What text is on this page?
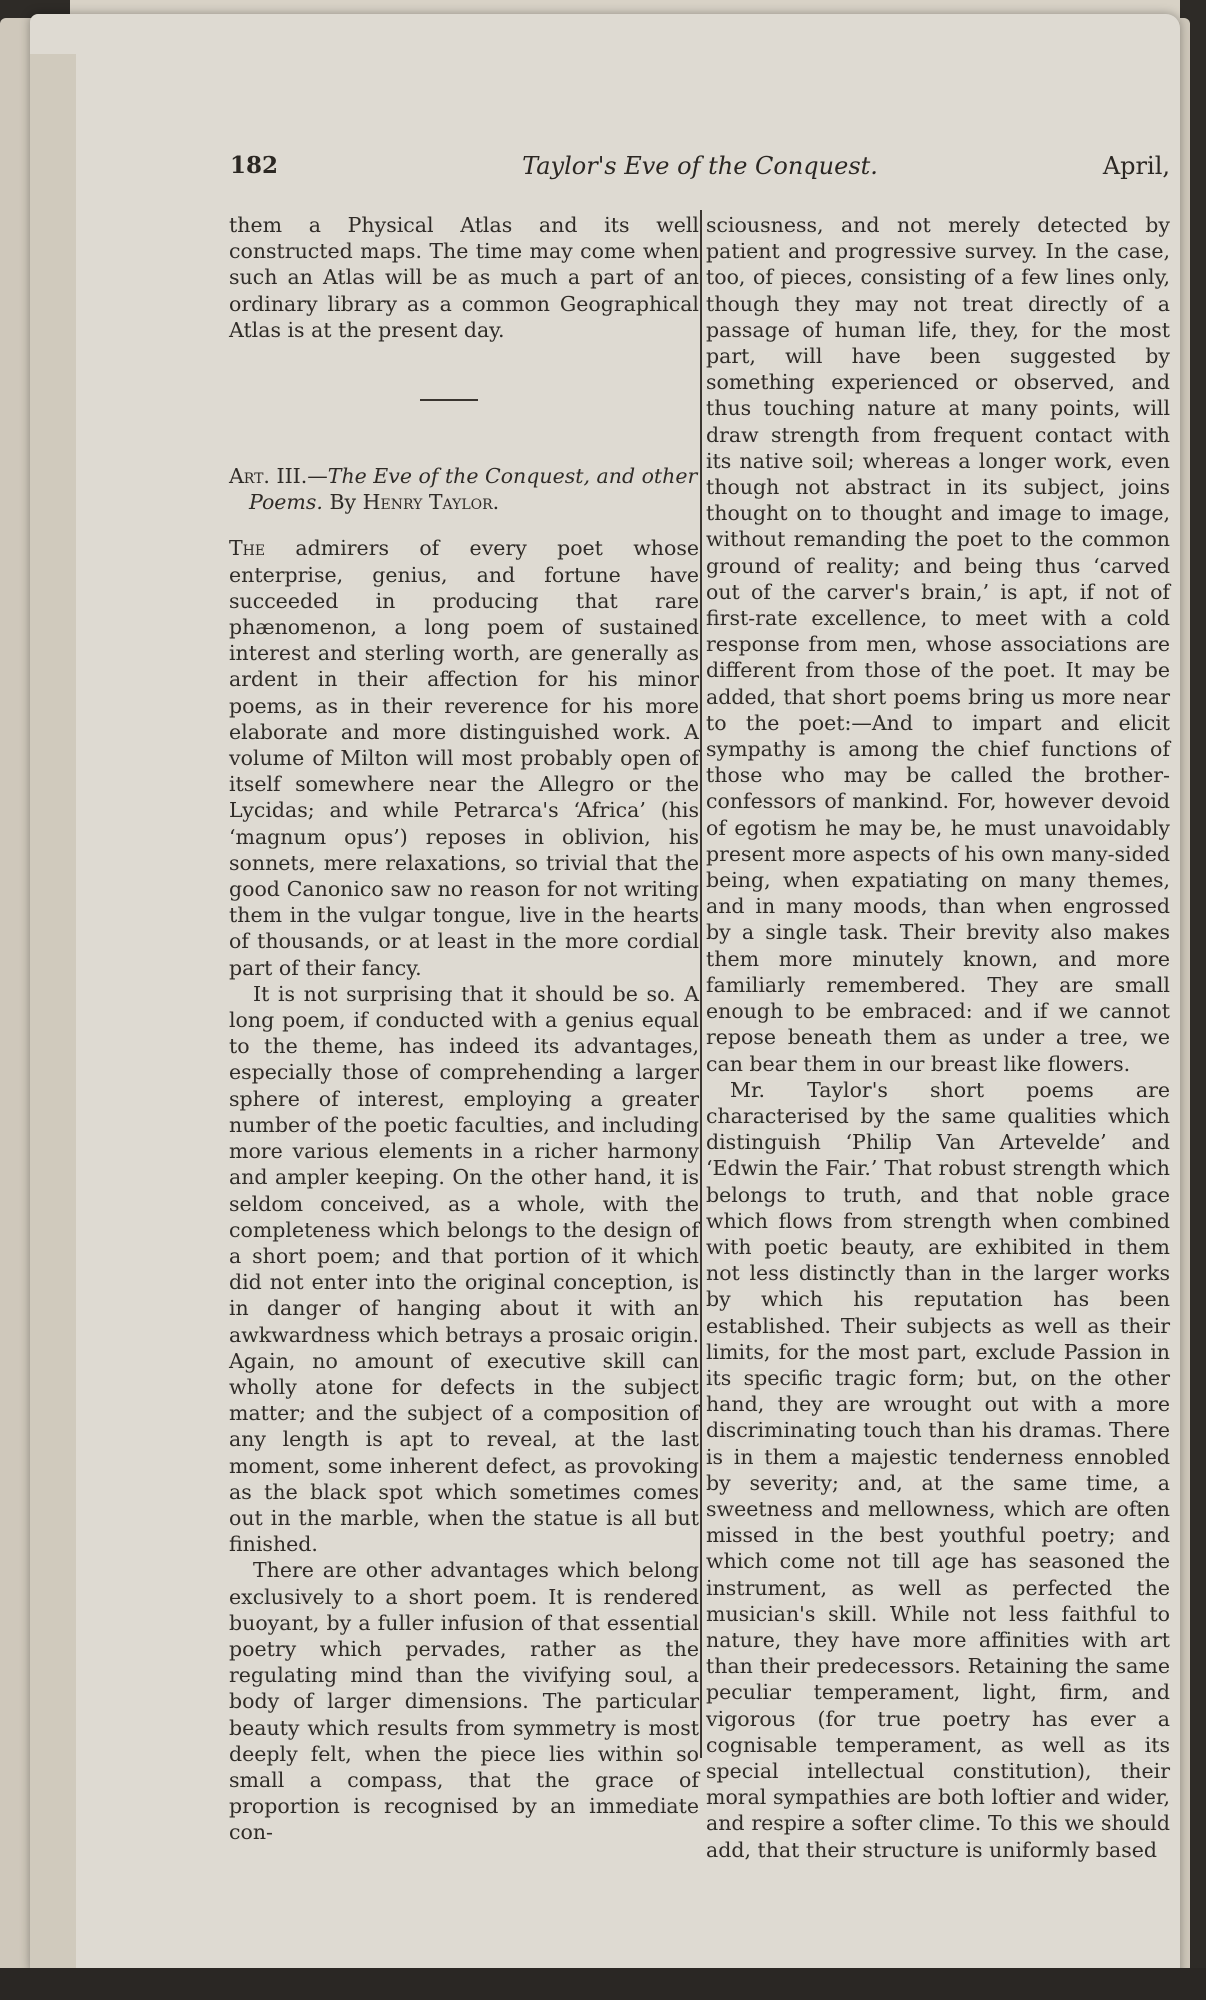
182	Taylor's Eve of the Conquest.	April,

them a Physical Atlas and its well constructed maps. The time may come when such an Atlas will be as much a part of an ordinary library as a common Geographical Atlas is at the present day.

Art. III.—The Eve of the Conquest, and other Poems. By Henry Taylor.

The admirers of every poet whose enterprise, genius, and fortune have succeeded in producing that rare phænomenon, a long poem of sustained interest and sterling worth, are generally as ardent in their affection for his minor poems, as in their reverence for his more elaborate and more distinguished work. A volume of Milton will most probably open of itself somewhere near the Allegro or the Lycidas; and while Petrarca's ‘Africa’ (his ‘magnum opus’) reposes in oblivion, his sonnets, mere relaxations, so trivial that the good Canonico saw no reason for not writing them in the vulgar tongue, live in the hearts of thousands, or at least in the more cordial part of their fancy.

It is not surprising that it should be so. A long poem, if conducted with a genius equal to the theme, has indeed its advantages, especially those of comprehending a larger sphere of interest, employing a greater number of the poetic faculties, and including more various elements in a richer harmony and ampler keeping. On the other hand, it is seldom conceived, as a whole, with the completeness which belongs to the design of a short poem; and that portion of it which did not enter into the original conception, is in danger of hanging about it with an awkwardness which betrays a prosaic origin. Again, no amount of executive skill can wholly atone for defects in the subject matter; and the subject of a composition of any length is apt to reveal, at the last moment, some inherent defect, as provoking as the black spot which sometimes comes out in the marble, when the statue is all but finished.

There are other advantages which belong exclusively to a short poem. It is rendered buoyant, by a fuller infusion of that essential poetry which pervades, rather as the regulating mind than the vivifying soul, a body of larger dimensions. The particular beauty which results from symmetry is most deeply felt, when the piece lies within so small a compass, that the grace of proportion is recognised by an immediate con-

sciousness, and not merely detected by patient and progressive survey. In the case, too, of pieces, consisting of a few lines only, though they may not treat directly of a passage of human life, they, for the most part, will have been suggested by something experienced or observed, and thus touching nature at many points, will draw strength from frequent contact with its native soil; whereas a longer work, even though not abstract in its subject, joins thought on to thought and image to image, without remanding the poet to the common ground of reality; and being thus ‘carved out of the carver's brain,’ is apt, if not of first-rate excellence, to meet with a cold response from men, whose associations are different from those of the poet. It may be added, that short poems bring us more near to the poet:—And to impart and elicit sympathy is among the chief functions of those who may be called the brother-confessors of mankind. For, however devoid of egotism he may be, he must unavoidably present more aspects of his own many-sided being, when expatiating on many themes, and in many moods, than when engrossed by a single task. Their brevity also makes them more minutely known, and more familiarly remembered. They are small enough to be embraced: and if we cannot repose beneath them as under a tree, we can bear them in our breast like flowers.

Mr. Taylor's short poems are characterised by the same qualities which distinguish ‘Philip Van Artevelde’ and ‘Edwin the Fair.’ That robust strength which belongs to truth, and that noble grace which flows from strength when combined with poetic beauty, are exhibited in them not less distinctly than in the larger works by which his reputation has been established. Their subjects as well as their limits, for the most part, exclude Passion in its specific tragic form; but, on the other hand, they are wrought out with a more discriminating touch than his dramas. There is in them a majestic tenderness ennobled by severity; and, at the same time, a sweetness and mellowness, which are often missed in the best youthful poetry; and which come not till age has seasoned the instrument, as well as perfected the musician's skill. While not less faithful to nature, they have more affinities with art than their predecessors. Retaining the same peculiar temperament, light, firm, and vigorous (for true poetry has ever a cognisable temperament, as well as its special intellectual constitution), their moral sympathies are both loftier and wider, and respire a softer clime. To this we should add, that their structure is uniformly based
